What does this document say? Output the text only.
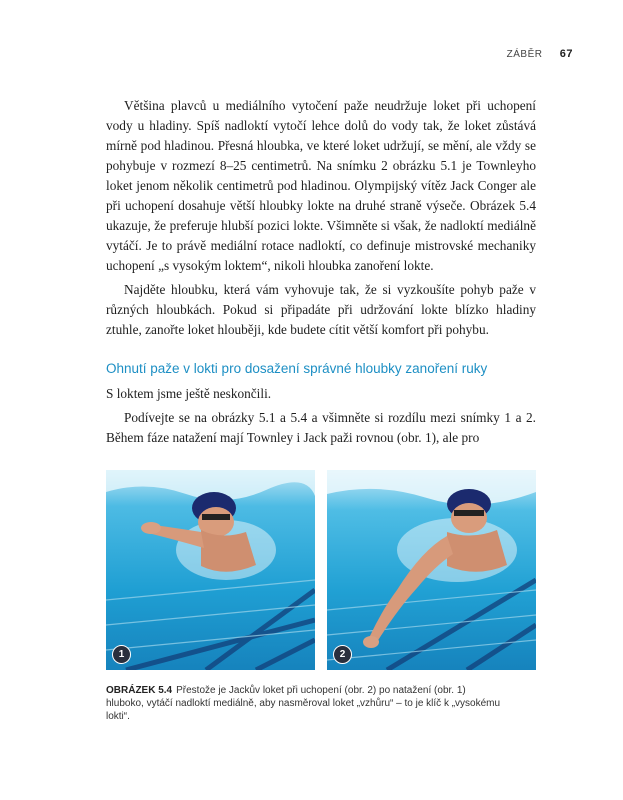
ZÁBĚR 67

Většina plavců u mediálního vytočení paže neudržuje loket při uchopení vody u hladiny. Spíš nadloktí vytočí lehce dolů do vody tak, že loket zůstává mírně pod hladinou. Přesná hloubka, ve které loket udržují, se mění, ale vždy se pohybuje v rozmezí 8–25 centimetrů. Na snímku 2 obrázku 5.1 je Townleyho loket jenom několik centimetrů pod hladinou. Olympijský vítěz Jack Conger ale při uchopení dosahuje větší hloubky lokte na druhé straně výseče. Obrázek 5.4 ukazuje, že preferuje hlubší pozici lokte. Všimněte si však, že nadloktí mediálně vytáčí. Je to právě mediální rotace nadloktí, co definuje mistrovské mechaniky uchopení „s vysokým loktem“, nikoli hloubka zanoření lokte.

Najděte hloubku, která vám vyhovuje tak, že si vyzkoušíte pohyb paže v různých hloubkách. Pokud si připadáte při udržování lokte blízko hladiny ztuhle, zanořte loket hlouběji, kde budete cítit větší komfort při pohybu.

Ohnutí paže v lokti pro dosažení správné hloubky zanoření ruky

S loktem jsme ještě neskončili.

Podívejte se na obrázky 5.1 a 5.4 a všimněte si rozdílu mezi snímky 1 a 2. Během fáze natažení mají Townley i Jack paži rovnou (obr. 1), ale pro

1	2
OBRÁZEK 5.4 Přestože je Jackův loket při uchopení (obr. 2) po natažení (obr. 1) hluboko, vytáčí nadloktí mediálně, aby nasměroval loket „vzhůru“ – to je klíč k „vysokému lokti“.
